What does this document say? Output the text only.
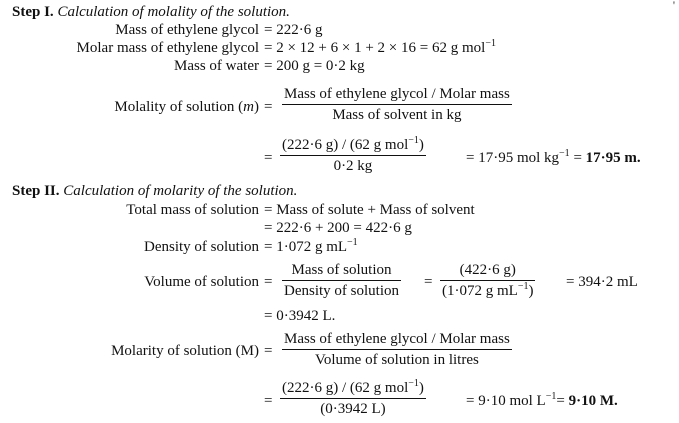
'
Step I. Calculation of molality of the solution.
Mass of ethylene glycol = 222·6 g
Molar mass of ethylene glycol = 2 × 12 + 6 × 1 + 2 × 16 = 62 g mol$^{-1}$
Mass of water = 200 g = 0·2 kg
Molality of solution (m) =
Mass of ethylene glycol / Molar mass
Mass of solvent in kg
=
(222·6 g) / (62 g mol$^{-1}$)
0·2 kg	= 17·95 mol $kg^{-1} = 17\cdot 95$ m.
Step II. Calculation of molarity of the solution.
Total mass of solution = Mass of solute + Mass of solvent
= 222·6 + 200 = 422·6 g
Density of solution = 1·072 g $mL^{-1}$
Volume of solution =
Mass of solution
Density of solution
=
(422·6 g)
(1·072 g $mL^{-1}$)
= 394·2 mL
= 0·3942 L.
Molarity of solution (M) =
Mass of ethylene glycol / Molar mass
Volume of solution in litres
=
(222·6 g) / (62 g mol$^{-1}$)
(0·3942 L)	= 9·10 mol $L^{-1}= 9\cdot 10$ M.
